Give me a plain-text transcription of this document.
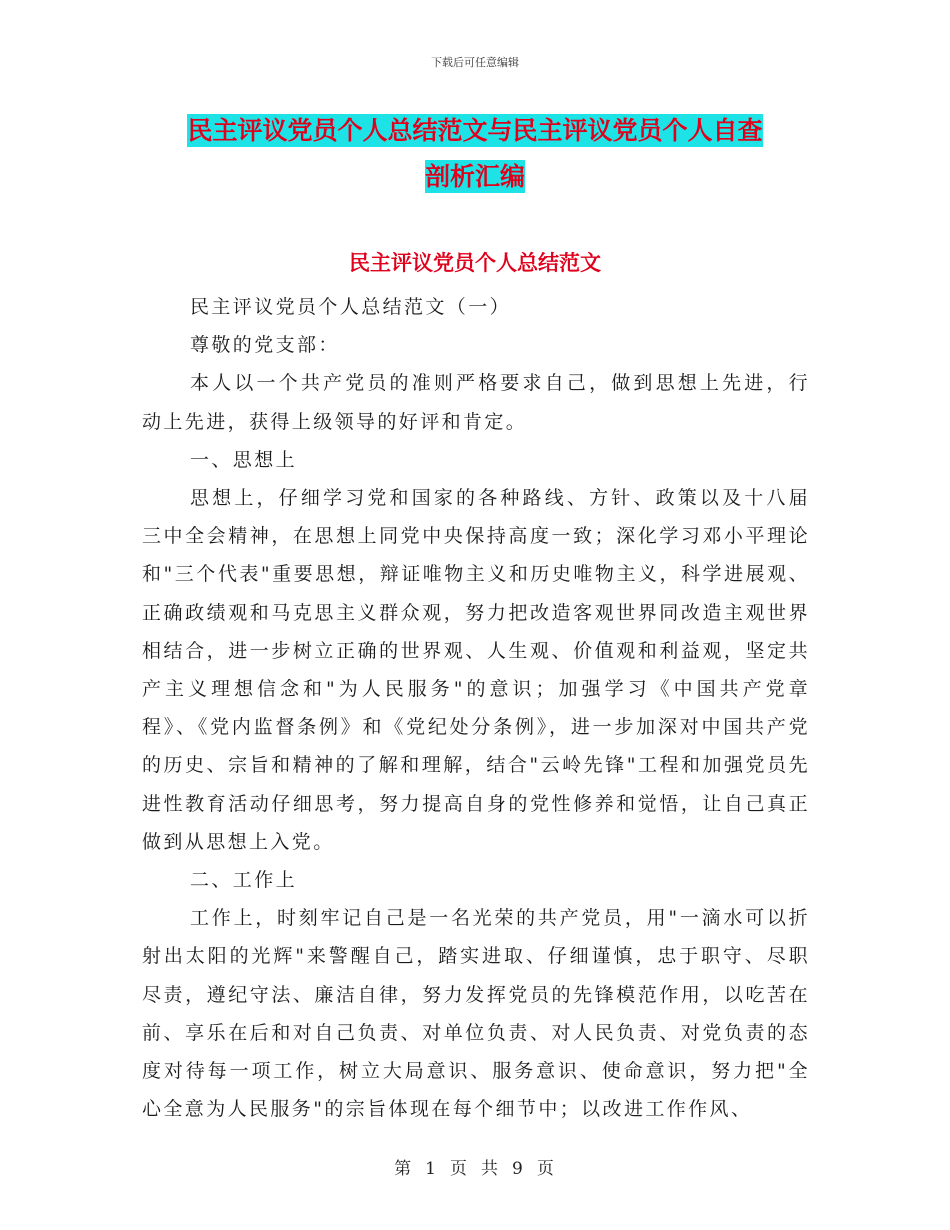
下载后可任意编辑
民主评议党员个人总结范文与民主评议党员个人自查
剖析汇编
民主评议党员个人总结范文

民主评议党员个人总结范文（一）

尊敬的党支部：

本人以一个共产党员的准则严格要求自己，做到思想上先进，行动上先进，获得上级领导的好评和肯定。

一、思想上

思想上，仔细学习党和国家的各种路线、方针、政策以及十八届三中全会精神，在思想上同党中央保持高度一致；深化学习邓小平理论和"三个代表"重要思想，辩证唯物主义和历史唯物主义，科学进展观、正确政绩观和马克思主义群众观，努力把改造客观世界同改造主观世界相结合，进一步树立正确的世界观、人生观、价值观和利益观，坚定共产主义理想信念和"为人民服务"的意识；加强学习《中国共产党章程》、《党内监督条例》和《党纪处分条例》，进一步加深对中国共产党的历史、宗旨和精神的了解和理解，结合"云岭先锋"工程和加强党员先进性教育活动仔细思考，努力提高自身的党性修养和觉悟，让自己真正做到从思想上入党。

二、工作上

工作上，时刻牢记自己是一名光荣的共产党员，用"一滴水可以折射出太阳的光辉"来警醒自己，踏实进取、仔细谨慎，忠于职守、尽职尽责，遵纪守法、廉洁自律，努力发挥党员的先锋模范作用，以吃苦在前、享乐在后和对自己负责、对单位负责、对人民负责、对党负责的态度对待每一项工作，树立大局意识、服务意识、使命意识，努力把"全心全意为人民服务"的宗旨体现在每个细节中；以改进工作作风、

第 1 页 共 9 页
